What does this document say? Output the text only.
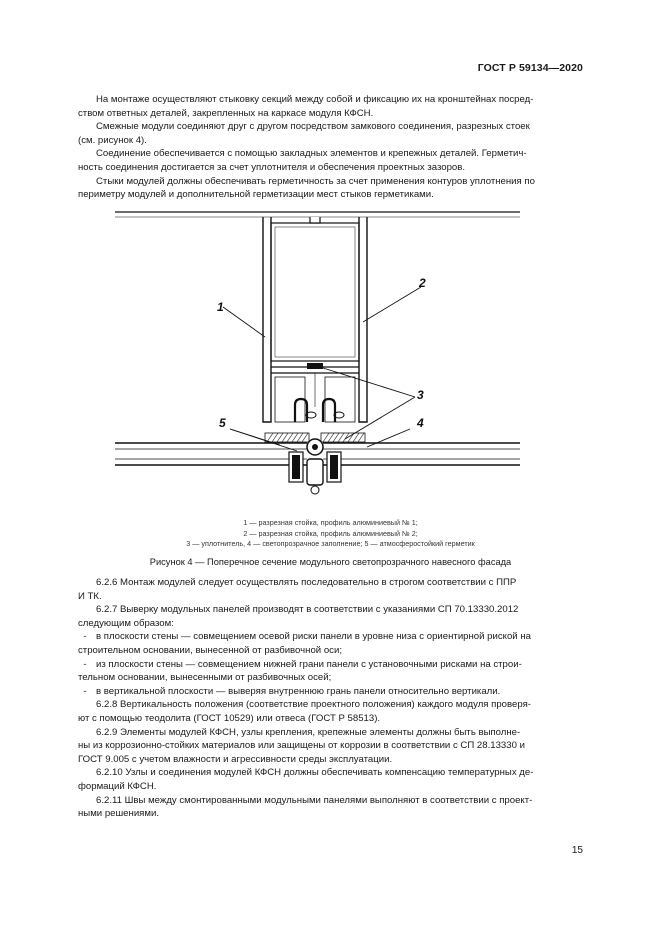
ГОСТ Р 59134—2020

На монтаже осуществляют стыковку секций между собой и фиксацию их на кронштейнах посред-

ством ответных деталей, закрепленных на каркасе модуля КФСН.

Смежные модули соединяют друг с другом посредством замкового соединения, разрезных стоек

(см. рисунок 4).

Соединение обеспечивается с помощью закладных элементов и крепежных деталей. Герметич-

ность соединения достигается за счет уплотнителя и обеспечения проектных зазоров.

Стыки модулей должны обеспечивать герметичность за счет применения контуров уплотнения по

периметру модулей и дополнительной герметизации мест стыков герметиками.

1
2
3
4
5

1 — разрезная стойка, профиль алюминиевый № 1;

2 — разрезная стойка, профиль алюминиевый № 2;

3 — уплотнитель, 4 — светопрозрачное заполнение; 5 — атмосферостойкий герметик

Рисунок 4 — Поперечное сечение модульного светопрозрачного навесного фасада

6.2.6 Монтаж модулей следует осуществлять последовательно в строгом соответствии с ППР

И ТК.

6.2.7 Выверку модульных панелей производят в соответствии с указаниями СП 70.13330.2012

следующим образом:

- в плоскости стены — совмещением осевой риски панели в уровне низа с ориентирной риской на

строительном основании, вынесенной от разбивочной оси;

- из плоскости стены — совмещением нижней грани панели с установочными рисками на строи-

тельном основании, вынесенными от разбивочных осей;

- в вертикальной плоскости — выверяя внутреннюю грань панели относительно вертикали.

6.2.8 Вертикальность положения (соответствие проектного положения) каждого модуля проверя-

ют с помощью теодолита (ГОСТ 10529) или отвеса (ГОСТ Р 58513).

6.2.9 Элементы модулей КФСН, узлы крепления, крепежные элементы должны быть выполне-

ны из коррозионно-стойких материалов или защищены от коррозии в соответствии с СП 28.13330 и

ГОСТ 9.005 с учетом влажности и агрессивности среды эксплуатации.

6.2.10 Узлы и соединения модулей КФСН должны обеспечивать компенсацию температурных де-

формаций КФСН.

6.2.11 Швы между смонтированными модульными панелями выполняют в соответствии с проект-

ными решениями.

15
